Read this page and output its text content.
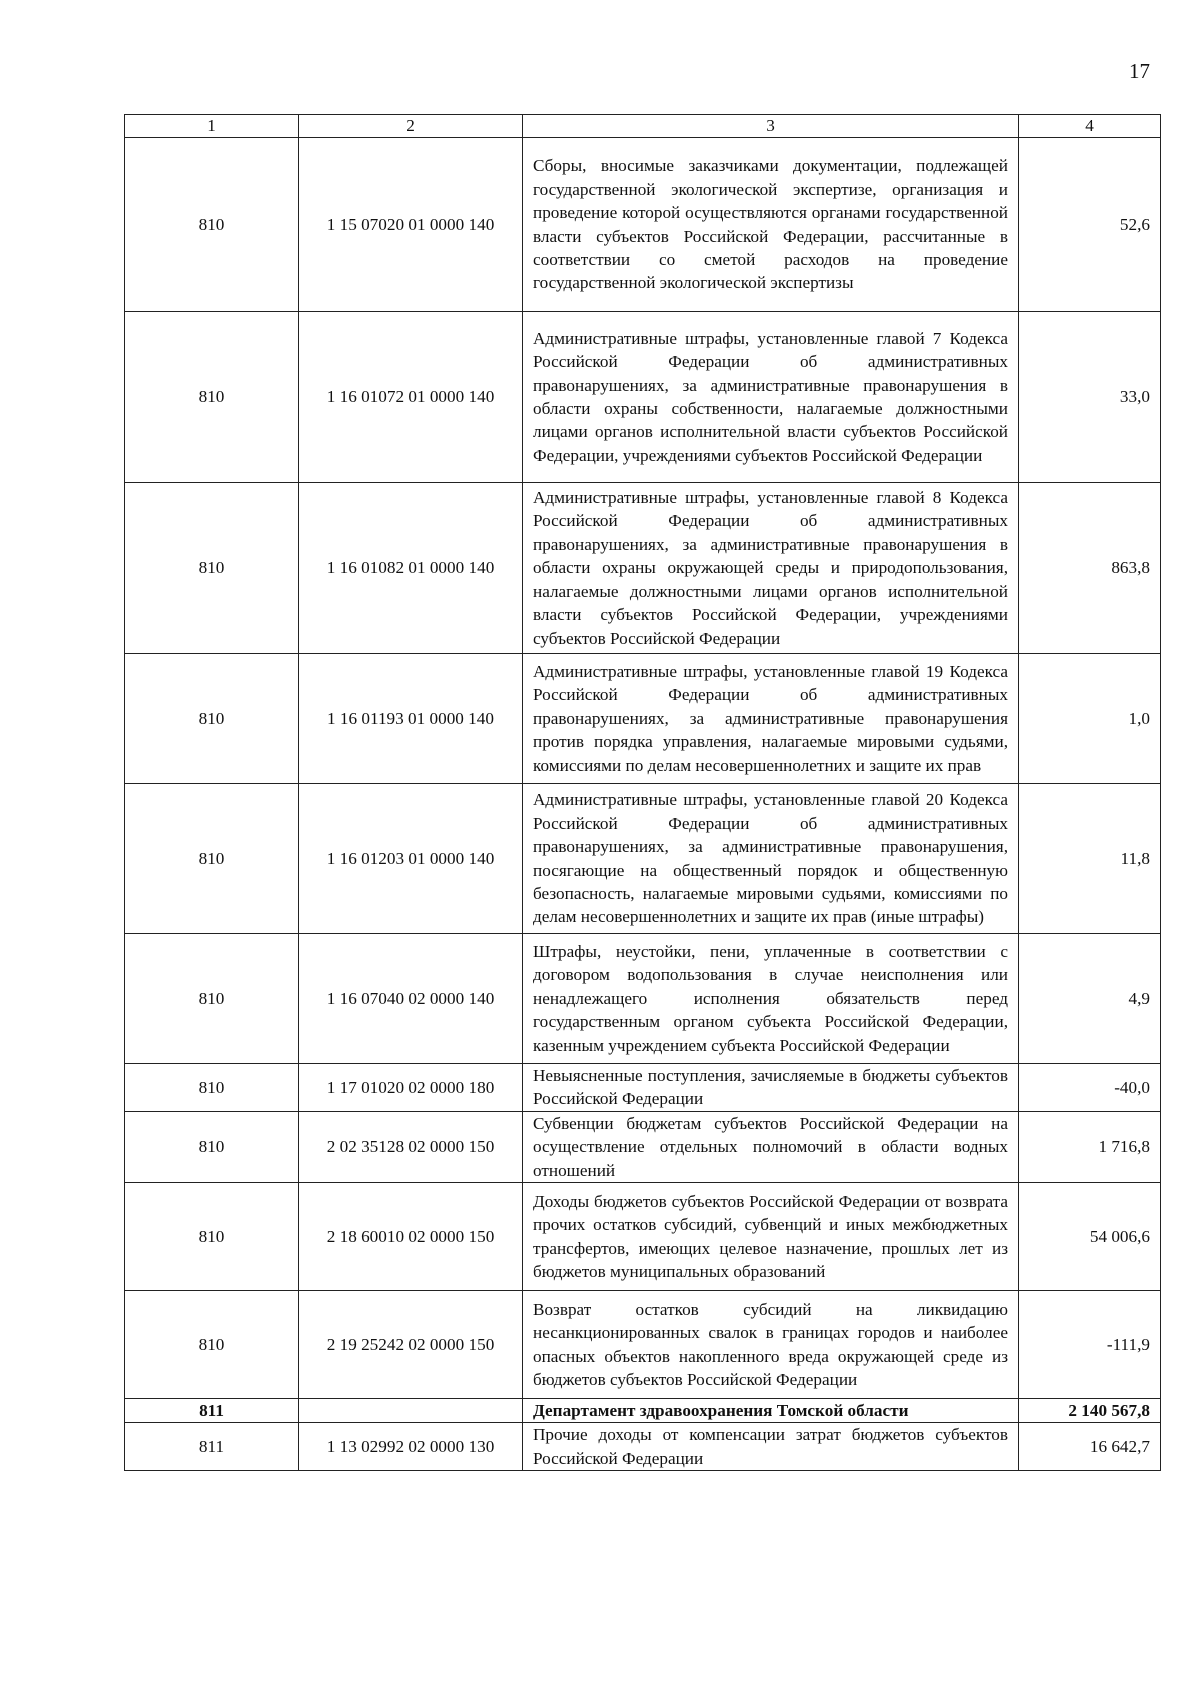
17
1	2	3	4
810	1 15 07020 01 0000 140	Сборы, вносимые заказчиками документации, подлежащей государственной экологической экспертизе, организация и проведение которой осуществляются органами государственной власти субъектов Российской Федерации, рассчитанные в соответствии со сметой расходов на проведение государственной экологической экспертизы	52,6
810	1 16 01072 01 0000 140	Административные штрафы, установленные главой 7 Кодекса Российской Федерации об административных правонарушениях, за административные правонарушения в области охраны собственности, налагаемые должностными лицами органов исполнительной власти субъектов Российской Федерации, учреждениями субъектов Российской Федерации	33,0
810	1 16 01082 01 0000 140	Административные штрафы, установленные главой 8 Кодекса Российской Федерации об административных правонарушениях, за административные правонарушения в области охраны окружающей среды и природопользования, налагаемые должностными лицами органов исполнительной власти субъектов Российской Федерации, учреждениями субъектов Российской Федерации	863,8
810	1 16 01193 01 0000 140	Административные штрафы, установленные главой 19 Кодекса Российской Федерации об административных правонарушениях, за административные правонарушения против порядка управления, налагаемые мировыми судьями, комиссиями по делам несовершеннолетних и защите их прав	1,0
810	1 16 01203 01 0000 140	Административные штрафы, установленные главой 20 Кодекса Российской Федерации об административных правонарушениях, за административные правонарушения, посягающие на общественный порядок и общественную безопасность, налагаемые мировыми судьями, комиссиями по делам несовершеннолетних и защите их прав (иные штрафы)	11,8
810	1 16 07040 02 0000 140	Штрафы, неустойки, пени, уплаченные в соответствии с договором водопользования в случае неисполнения или ненадлежащего исполнения обязательств перед государственным органом субъекта Российской Федерации, казенным учреждением субъекта Российской Федерации	4,9
810	1 17 01020 02 0000 180	Невыясненные поступления, зачисляемые в бюджеты субъектов Российской Федерации	-40,0
810	2 02 35128 02 0000 150	Субвенции бюджетам субъектов Российской Федерации на осуществление отдельных полномочий в области водных отношений	1 716,8
810	2 18 60010 02 0000 150	Доходы бюджетов субъектов Российской Федерации от возврата прочих остатков субсидий, субвенций и иных межбюджетных трансфертов, имеющих целевое назначение, прошлых лет из бюджетов муниципальных образований	54 006,6
810	2 19 25242 02 0000 150	Возврат остатков субсидий на ликвидацию несанкционированных свалок в границах городов и наиболее опасных объектов накопленного вреда окружающей среде из бюджетов субъектов Российской Федерации	-111,9
811		Департамент здравоохранения Томской области	2 140 567,8
811	1 13 02992 02 0000 130	Прочие доходы от компенсации затрат бюджетов субъектов Российской Федерации	16 642,7
